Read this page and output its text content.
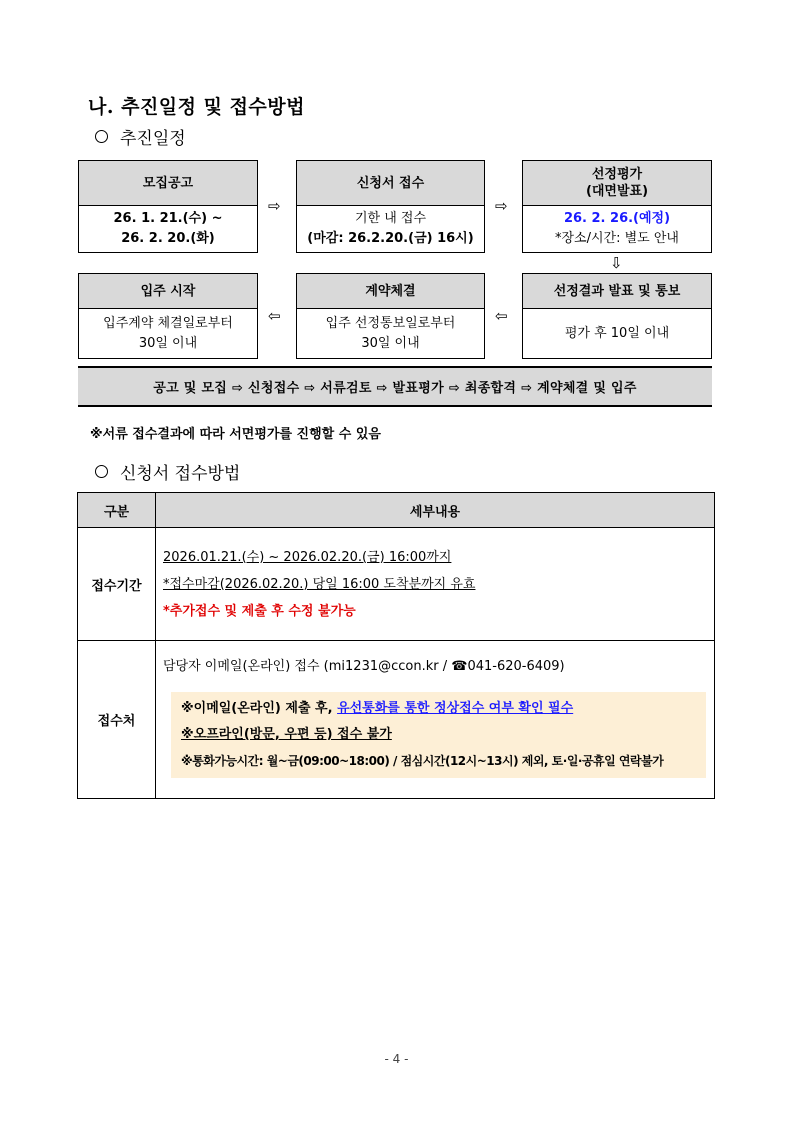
나. 추진일정 및 접수방법
추진일정
모집공고
26. 1. 21.(수) ~
26. 2. 20.(화)
⇨
신청서 접수
기한 내 접수
(마감: 26.2.20.(금) 16시)
⇨
선정평가
(대면발표)
26. 2. 26.(예정)
*장소/시간: 별도 안내
⇩
입주 시작
입주계약 체결일로부터
30일 이내
⇦
계약체결
입주 선정통보일로부터
30일 이내
⇦
선정결과 발표 및 통보
평가 후 10일 이내
공고 및 모집 ⇨ 신청접수 ⇨ 서류검토 ⇨ 발표평가 ⇨ 최종합격 ⇨ 계약체결 및 입주
※서류 접수결과에 따라 서면평가를 진행할 수 있음
신청서 접수방법
구분	세부내용
접수기간	2026.01.21.(수) ~ 2026.02.20.(금) 16:00까지
*접수마감(2026.02.20.) 당일 16:00 도착분까지 유효
*추가접수 및 제출 후 수정 불가능

접수처	담당자 이메일(온라인) 접수 (mi1231@ccon.kr / ☎041-620-6409)
※이메일(온라인) 제출 후, 유선통화를 통한 정상접수 여부 확인 필수
※오프라인(방문, 우편 등) 접수 불가
※통화가능시간: 월~금(09:00~18:00) / 점심시간(12시~13시) 제외, 토·일·공휴일 연락불가
- 4 -
